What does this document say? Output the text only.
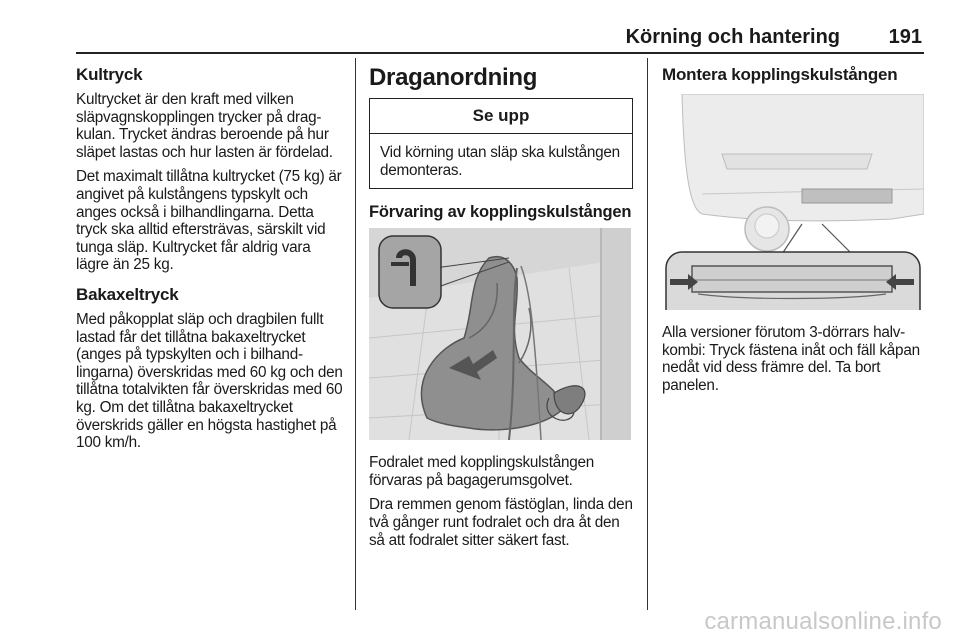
Körning och hantering 191
Kultryck

Kultrycket är den kraft med vilken släpvagnskopplingen trycker på dragkulan. Trycket ändras beroende på hur släpet lastas och hur lasten är fördelad.

Det maximalt tillåtna kultrycket (75 kg) är angivet på kulstångens typskylt och anges också i bilhandlingarna. Detta tryck ska alltid eftersträvas, särskilt vid tunga släp. Kultrycket får aldrig vara lägre än 25 kg.

Bakaxeltryck

Med påkopplat släp och dragbilen fullt lastad får det tillåtna bakaxeltrycket (anges på typskylten och i bilhandlingarna) överskridas med 60 kg och den tillåtna totalvikten får överskridas med 60 kg. Om det tillåtna bakaxeltrycket överskrids gäller en högsta hastighet på 100 km/h.

Draganordning
Se upp

Vid körning utan släp ska kulstången demonteras.

Förvaring av kopplingskulstången

Fodralet med kopplingskulstången förvaras på bagagerumsgolvet.

Dra remmen genom fästöglan, linda den två gånger runt fodralet och dra åt den så att fodralet sitter säkert fast.

Montera kopplingskulstången

Alla versioner förutom 3-dörrars halvkombi: Tryck fästena inåt och fäll kåpan nedåt vid dess främre del. Ta bort panelen.

carmanualsonline.info
